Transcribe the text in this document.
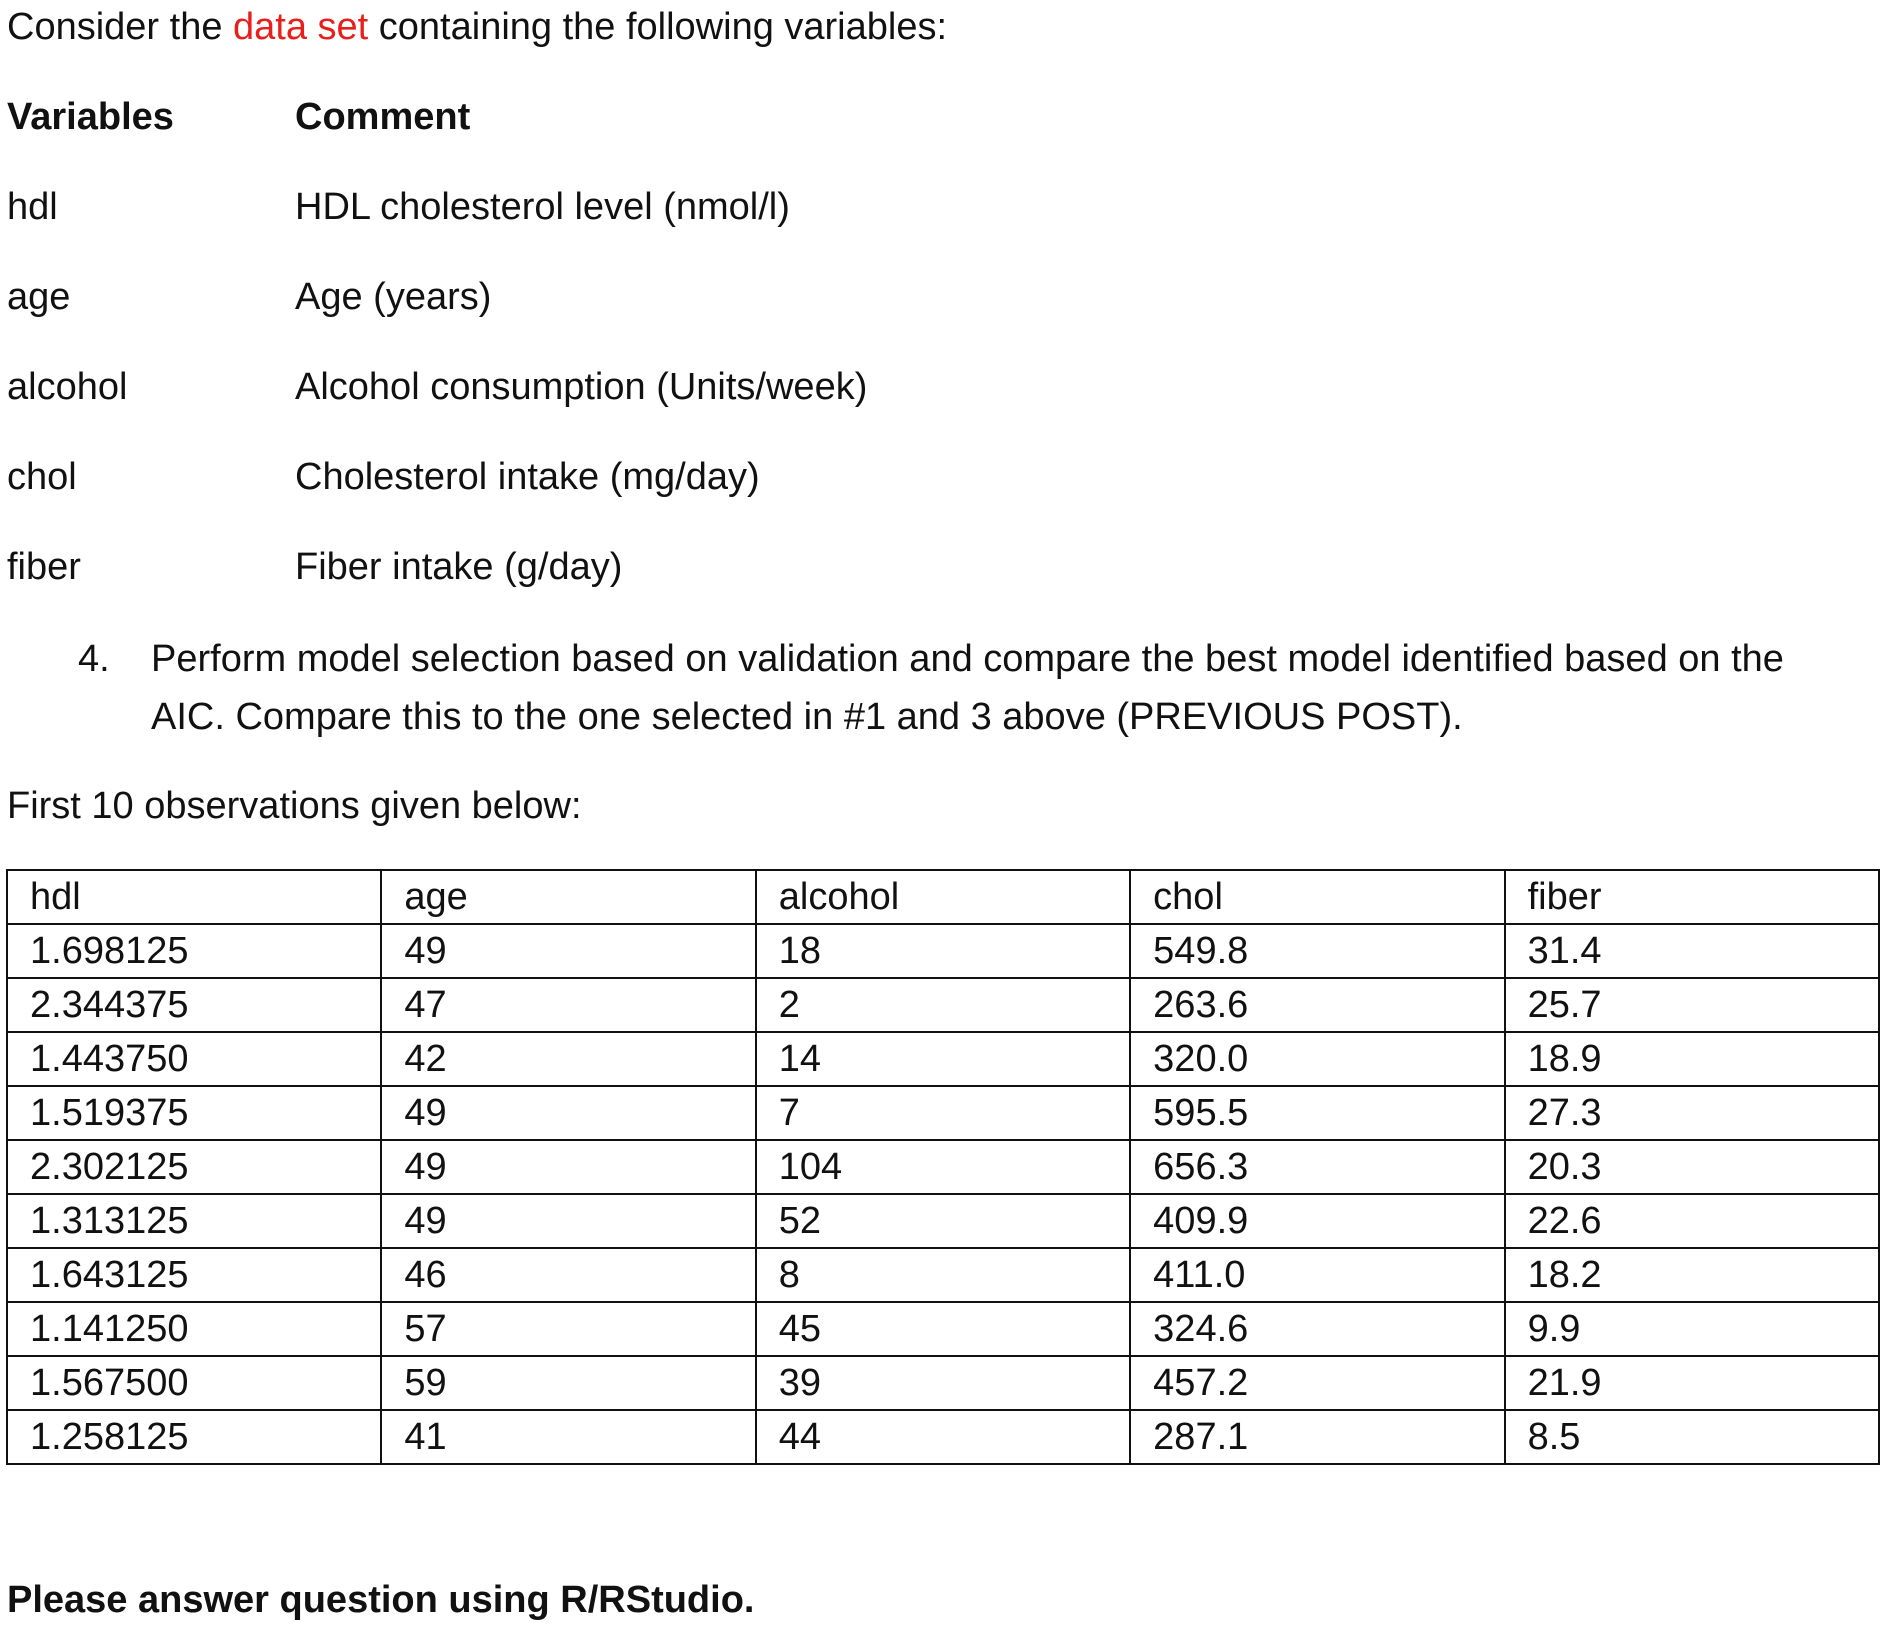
Consider the data set containing the following variables:
Variables	Comment
hdl	HDL cholesterol level (nmol/l)
age	Age (years)
alcohol	Alcohol consumption (Units/week)
chol	Cholesterol intake (mg/day)
fiber	Fiber intake (g/day)
4. Perform model selection based on validation and compare the best model identified based on the AIC. Compare this to the one selected in #1 and 3 above (PREVIOUS POST).
First 10 observations given below:
hdl	age	alcohol	chol	fiber
1.698125	49	18	549.8	31.4
2.344375	47	2	263.6	25.7
1.443750	42	14	320.0	18.9
1.519375	49	7	595.5	27.3
2.302125	49	104	656.3	20.3
1.313125	49	52	409.9	22.6
1.643125	46	8	411.0	18.2
1.141250	57	45	324.6	9.9
1.567500	59	39	457.2	21.9
1.258125	41	44	287.1	8.5
Please answer question using R/RStudio.
